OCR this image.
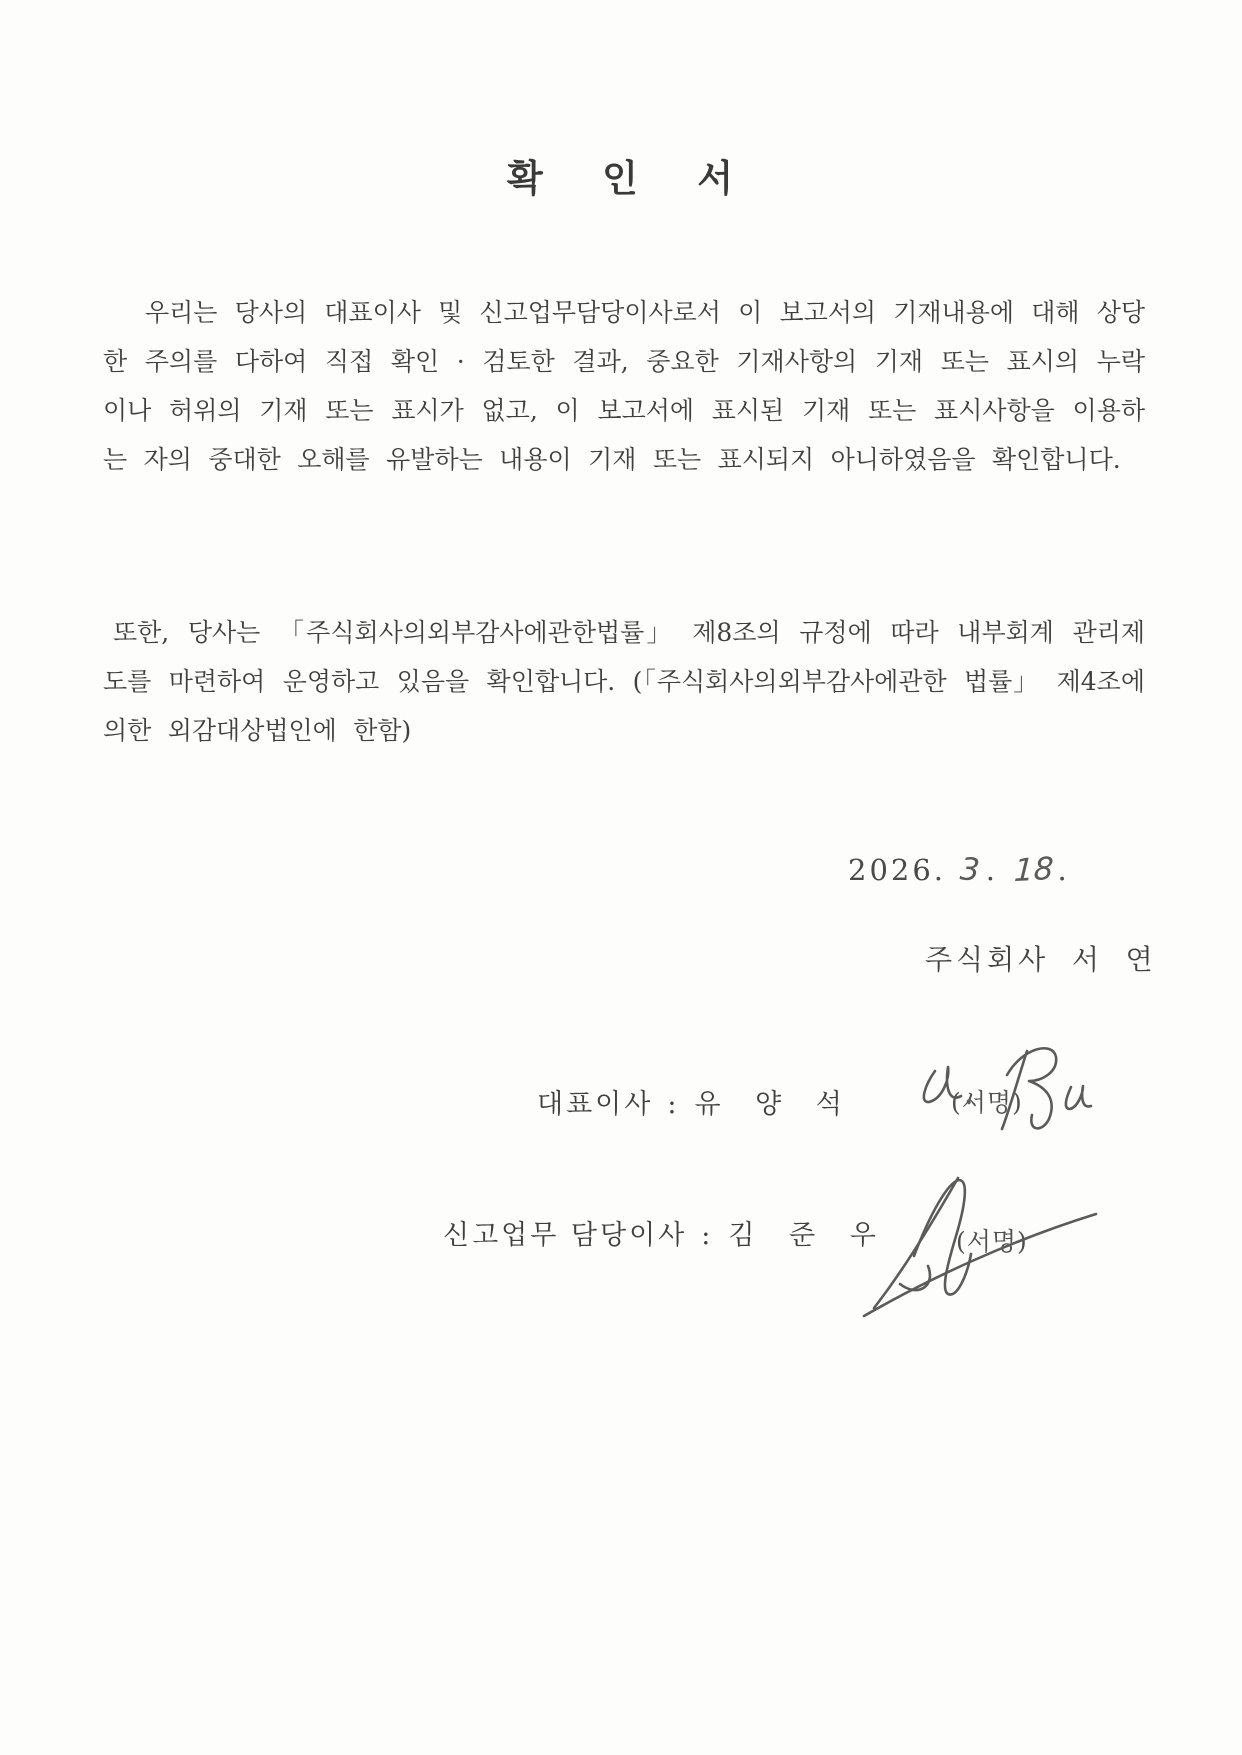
확 인 서

우리는 당사의 대표이사 및 신고업무담당이사로서 이 보고서의 기재내용에 대해 상당한 주의를 다하여 직접 확인 · 검토한 결과, 중요한 기재사항의 기재 또는 표시의 누락이나 허위의 기재 또는 표시가 없고, 이 보고서에 표시된 기재 또는 표시사항을 이용하는 자의 중대한 오해를 유발하는 내용이 기재 또는 표시되지 아니하였음을 확인합니다.

또한, 당사는 「주식회사의외부감사에관한법률」 제8조의 규정에 따라 내부회계 관리제도를 마련하여 운영하고 있음을 확인합니다. (「주식회사의외부감사에관한 법률」 제4조에 의한 외감대상법인에 한함)

2026. 3 . 18 .
주식회사 서 연
대표이사 : 유 양 석	(서명)
신고업무 담당이사 : 김 준 우	(서명)
